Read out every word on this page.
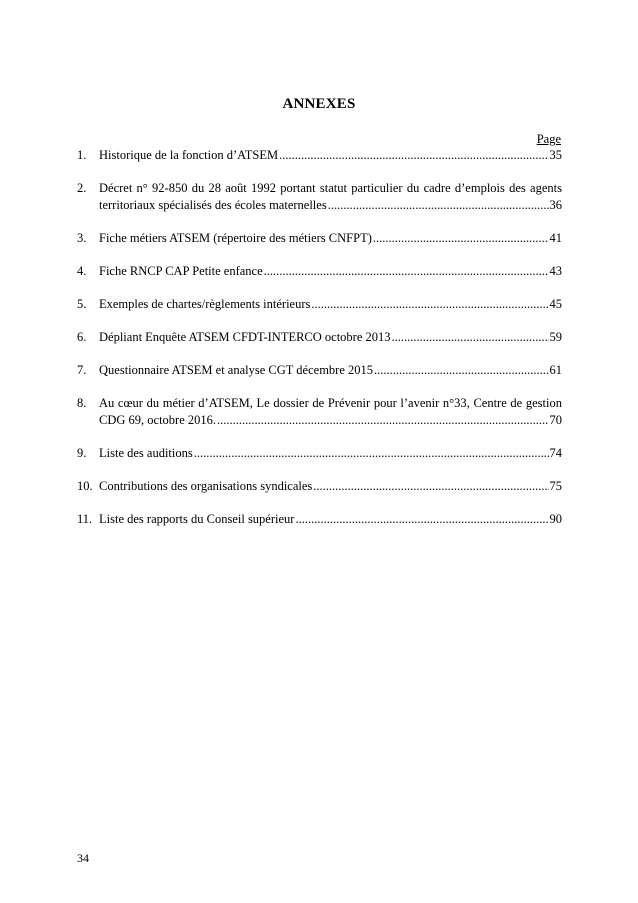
ANNEXES
Page
1.	Historique de la fonction d’ATSEM .....	35
2.	Décret n° 92-850 du 28 août 1992 portant statut particulier du cadre d’emplois des agents
territoriaux spécialisés des écoles maternelles .....	36
3.	Fiche métiers ATSEM (répertoire des métiers CNFPT) .....	41
4.	Fiche RNCP CAP Petite enfance .....	43
5.	Exemples de chartes/règlements intérieurs .....	45
6.	Dépliant Enquête ATSEM CFDT-INTERCO octobre 2013 .....	59
7.	Questionnaire ATSEM et analyse CGT décembre 2015 .....	61
8.	Au cœur du métier d’ATSEM, Le dossier de Prévenir pour l’avenir n°33, Centre de gestion
CDG 69, octobre 2016. .....	70
9.	Liste des auditions .....	74
10. Contributions des organisations syndicales .....	75
11. Liste des rapports du Conseil supérieur .....	90
34
